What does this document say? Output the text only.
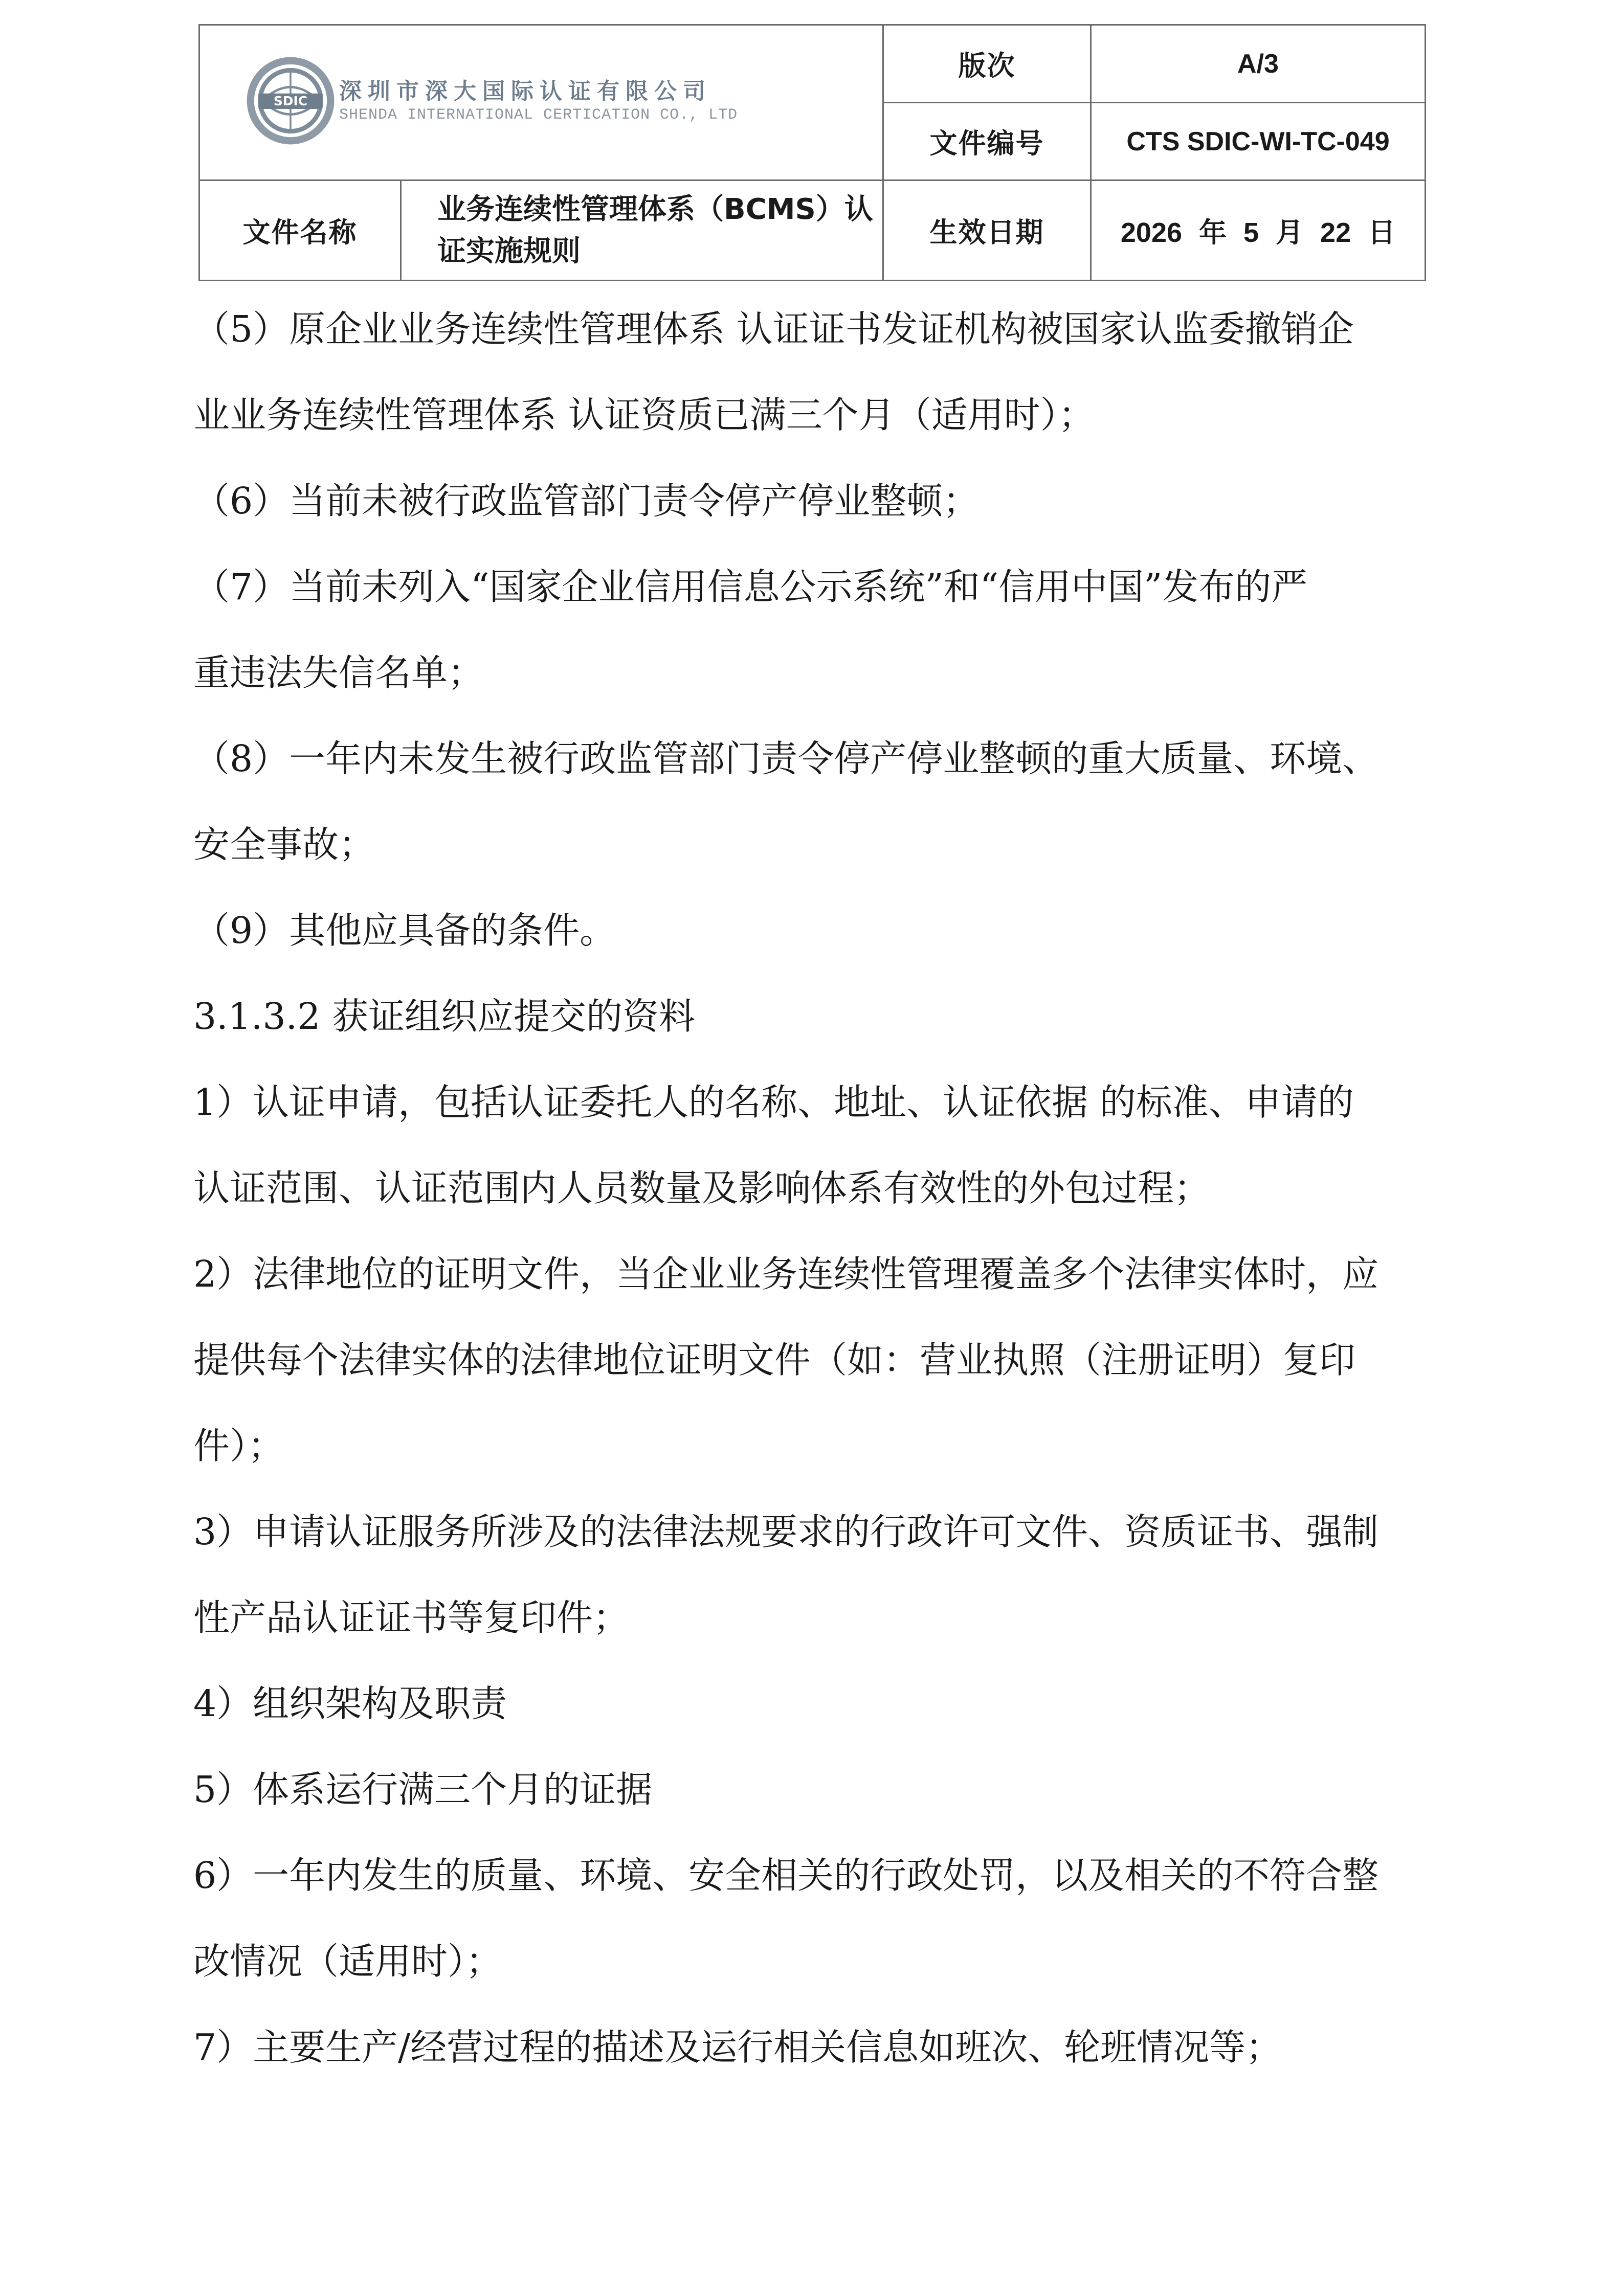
SDIC 深圳市深大国际认证有限公司
SHENDA INTERNATIONAL CERTICATION CO., LTD		版次	A/3
		文件编号	CTS SDIC-WI-TC-049
文件名称	业务连续性管理体系（BCMS）认证实施规则	生效日期	2026 年 5 月 22 日
（5）原企业业务连续性管理体系 认证证书发证机构被国家认监委撤销企
业业务连续性管理体系 认证资质已满三个月（适用时）；
（6）当前未被行政监管部门责令停产停业整顿；
（7）当前未列入“国家企业信用信息公示系统”和“信用中国”发布的严
重违法失信名单；
（8）一年内未发生被行政监管部门责令停产停业整顿的重大质量、环境、
安全事故；
（9）其他应具备的条件。
3.1.3.2 获证组织应提交的资料
1）认证申请，包括认证委托人的名称、地址、认证依据 的标准、申请的
认证范围、认证范围内人员数量及影响体系有效性的外包过程；
2）法律地位的证明文件，当企业业务连续性管理覆盖多个法律实体时，应
提供每个法律实体的法律地位证明文件（如：营业执照（注册证明）复印
件）；
3）申请认证服务所涉及的法律法规要求的行政许可文件、资质证书、强制
性产品认证证书等复印件；
4）组织架构及职责
5）体系运行满三个月的证据
6）一年内发生的质量、环境、安全相关的行政处罚，以及相关的不符合整
改情况（适用时）；
7）主要生产/经营过程的描述及运行相关信息如班次、轮班情况等；
